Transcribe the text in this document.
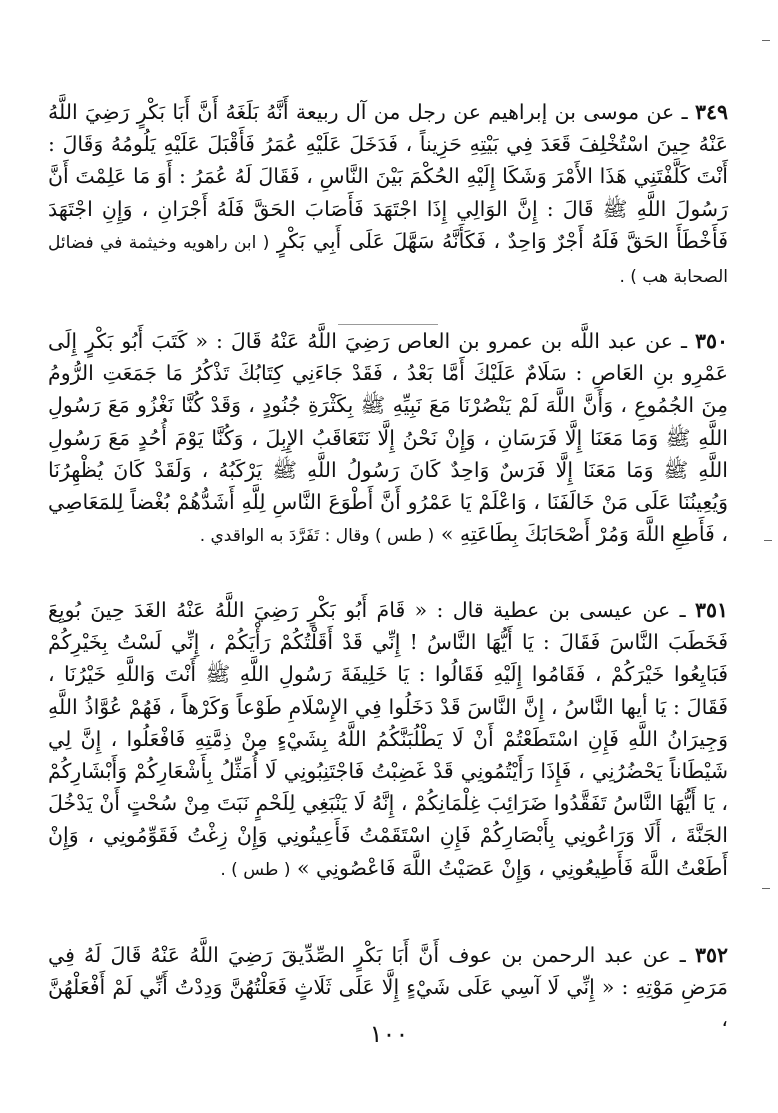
٣٤٩ ـ عن موسى بن إبراهيم عن رجل من آل ربيعة أَنَّهُ بَلَغَهُ أَنَّ أَبَا بَكْرٍ رَضِيَ اللَّهُ عَنْهُ حِينَ اسْتُخْلِفَ قَعَدَ فِي بَيْتِهِ حَزِيناً ، فَدَخَلَ عَلَيْهِ عُمَرُ فَأَقْبَلَ عَلَيْهِ يَلُومُهُ وَقَالَ : أَنْتَ كَلَّفْتَنِي هَذَا الأَمْرَ وَشَكَا إِلَيْهِ الحُكْمَ بَيْنَ النَّاسِ ، فَقَالَ لَهُ عُمَرُ : أَوَ مَا عَلِمْتَ أَنَّ رَسُولَ اللَّهِ ﷺ قَالَ : إِنَّ الوَالِي إِذَا اجْتَهَدَ فَأَصَابَ الحَقَّ فَلَهُ أَجْرَانِ ، وَإِنِ اجْتَهَدَ فَأَخْطَأَ الحَقَّ فَلَهُ أَجْرٌ وَاحِدٌ ، فَكَأَنَّهُ سَهَّلَ عَلَى أَبِي بَكْرٍ ( ابن راهويه وخيثمة في فضائل الصحابة هب ) .

٣٥٠ ـ عن عبد اللَّه بن عمرو بن العاص رَضِيَ اللَّهُ عَنْهُ قَالَ : « كَتَبَ أَبُو بَكْرٍ إِلَى عَمْرِو بنِ العَاصِ : سَلَامٌ عَلَيْكَ أَمَّا بَعْدُ ، فَقَدْ جَاءَنِي كِتَابُكَ تَذْكُرُ مَا جَمَعَتِ الرُّومُ مِنَ الجُمُوعِ ، وَأَنَّ اللَّهَ لَمْ يَنْصُرْنَا مَعَ نَبِيِّهِ ﷺ بِكَثْرَةِ جُنُودٍ ، وَقَدْ كُنَّا نَغْزُو مَعَ رَسُولِ اللَّهِ ﷺ وَمَا مَعَنَا إِلَّا فَرَسَانِ ، وَإِنْ نَحْنُ إِلَّا نَتَعَاقَبُ الإِبِلَ ، وَكُنَّا يَوْمَ أُحُدٍ مَعَ رَسُولِ اللَّهِ ﷺ وَمَا مَعَنَا إِلَّا فَرَسٌ وَاحِدٌ كَانَ رَسُولُ اللَّهِ ﷺ يَرْكَبُهُ ، وَلَقَدْ كَانَ يُظْهِرُنَا وَيُعِينُنَا عَلَى مَنْ خَالَفَنَا ، وَاعْلَمْ يَا عَمْرُو أَنَّ أَطْوَعَ النَّاسِ لِلَّهِ أَشَدُّهُمْ بُغْضاً لِلمَعَاصِي ، فَأَطِعِ اللَّهَ وَمُرْ أَصْحَابَكَ بِطَاعَتِهِ » ( طس ) وقال : تَفَرَّدَ به الواقدي .

٣٥١ ـ عن عيسى بن عطية قال : « قَامَ أَبُو بَكْرٍ رَضِيَ اللَّهُ عَنْهُ الغَدَ حِينَ بُويِعَ فَخَطَبَ النَّاسَ فَقَالَ : يَا أَيُّهَا النَّاسُ ! إِنِّي قَدْ أَقَلْتُكُمْ رَأْيَكُمْ ، إِنِّي لَسْتُ بِخَيْرِكُمْ فَبَايِعُوا خَيْرَكُمْ ، فَقَامُوا إِلَيْهِ فَقَالُوا : يَا خَلِيفَةَ رَسُولِ اللَّهِ ﷺ أَنْتَ وَاللَّهِ خَيْرُنَا ، فَقَالَ : يَا أيها النَّاسُ ، إِنَّ النَّاسَ قَدْ دَخَلُوا فِي الإِسْلَامِ طَوْعاً وَكَرْهاً ، فَهُمْ عُوَّاذُ اللَّهِ وَجِيرَانُ اللَّهِ فَإِنِ اسْتَطَعْتُمْ أَنْ لَا يَطْلُبَنَّكُمُ اللَّهُ بِشَيْءٍ مِنْ ذِمَّتِهِ فَافْعَلُوا ، إِنَّ لِي شَيْطَاناً يَحْضُرُنِي ، فَإِذَا رَأَيْتُمُونِي قَدْ غَضِبْتُ فَاجْتَنِبُونِي لَا أُمَثِّلُ بِأَشْعَارِكُمْ وَأَبْشَارِكُمْ ، يَا أَيُّهَا النَّاسُ تَفَقَّدُوا ضَرَائِبَ غِلْمَانِكُمْ ، إِنَّهُ لَا يَنْبَغِي لِلَحْمٍ نَبَتَ مِنْ سُحْتٍ أَنْ يَدْخُلَ الجَنَّةَ ، أَلَا وَرَاعُونِي بِأَبْصَارِكُمْ فَإِنِ اسْتَقَمْتُ فَأَعِينُونِي وَإِنْ زِغْتُ فَقَوِّمُونِي ، وَإِنْ أَطَعْتُ اللَّهَ فَأَطِيعُونِي ، وَإِنْ عَصَيْتُ اللَّهَ فَاعْصُونِي » ( طس ) .

٣٥٢ ـ عن عبد الرحمن بن عوف أَنَّ أَبَا بَكْرٍ الصِّدِّيقَ رَضِيَ اللَّهُ عَنْهُ قَالَ لَهُ فِي مَرَضِ مَوْتِهِ : « إِنِّي لَا آسِي عَلَى شَيْءٍ إِلَّا عَلَى ثَلَاثٍ فَعَلْتُهُنَّ وَدِدْتُ أَنِّي لَمْ أَفْعَلْهُنَّ ،

١٠٠
